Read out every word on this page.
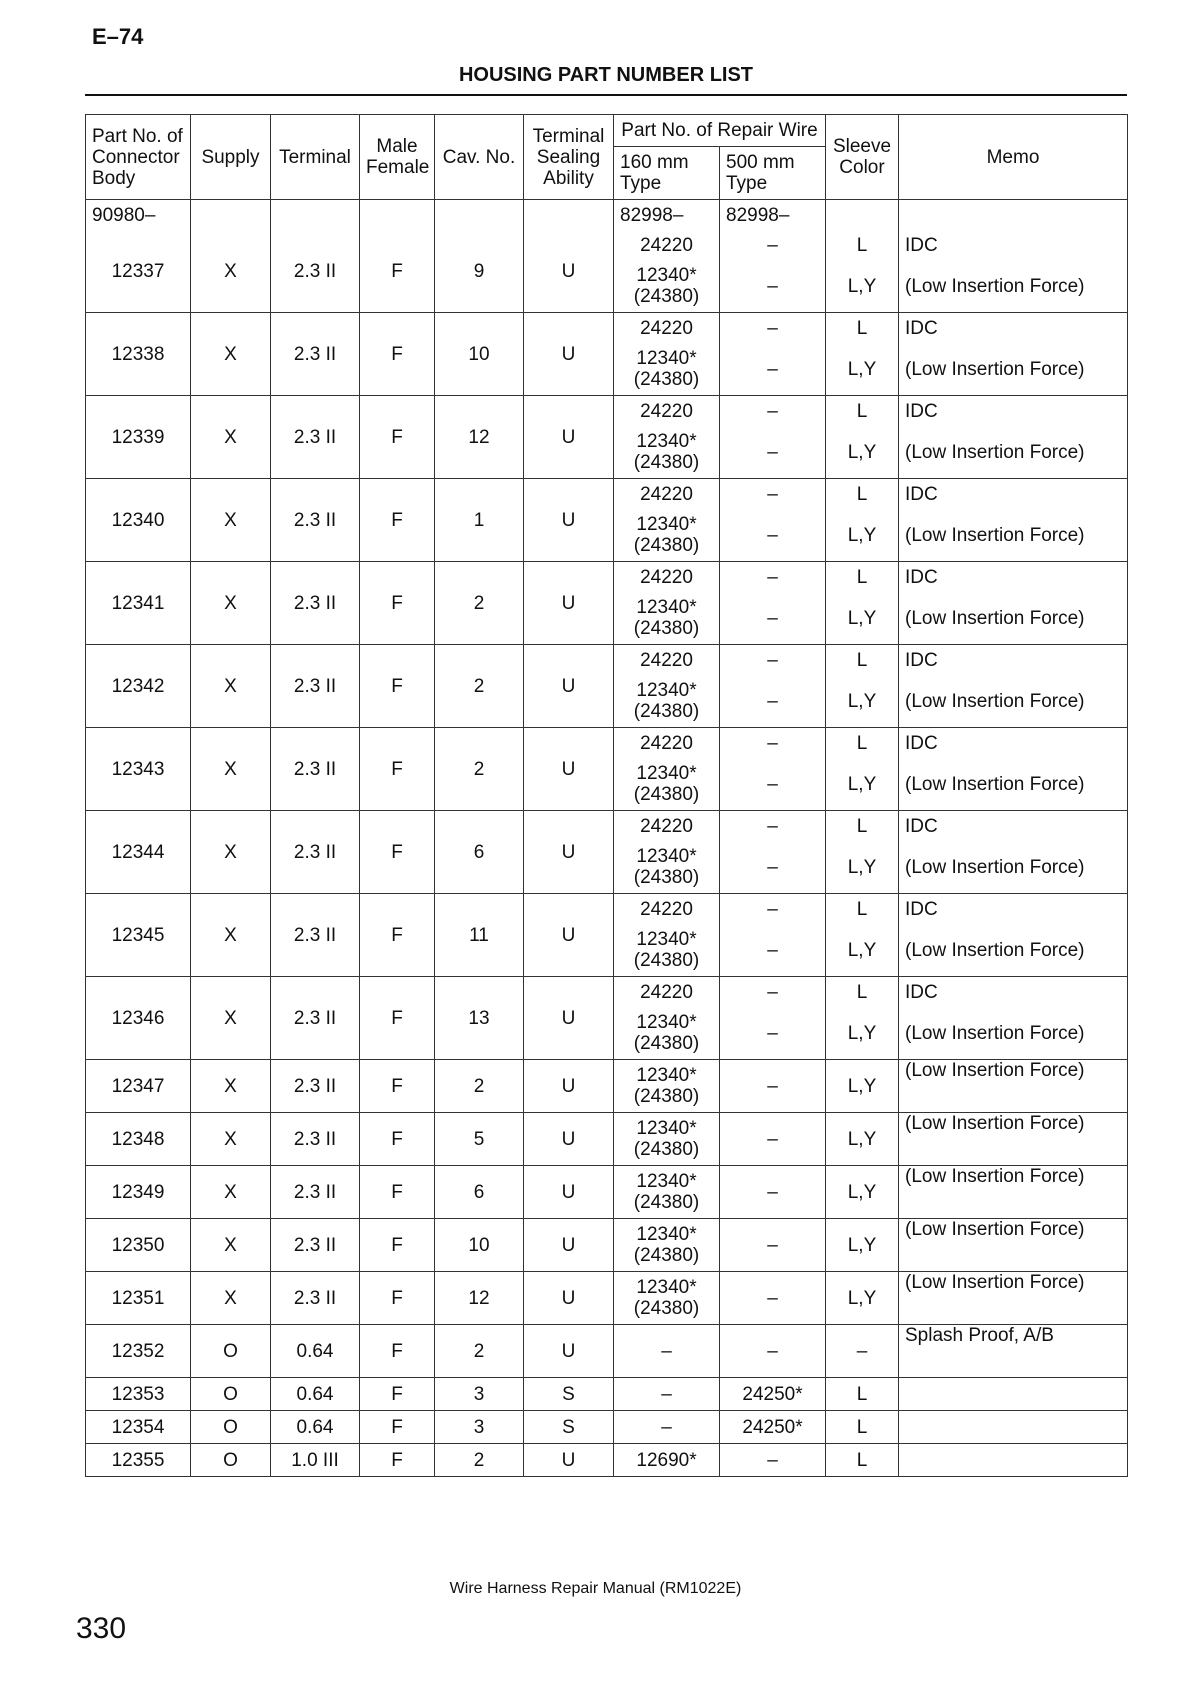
E–74
HOUSING PART NUMBER LIST
Part No. of Connector Body	Supply	Terminal	Male Female	Cav. No.	Terminal Sealing Ability	Part No. of Repair Wire		Sleeve Color	Memo
						160 mm Type	500 mm Type		
90980–						82998–	82998–		
12337	X	2.3 II	F	9	U	24220	–	L	IDC
						12340* (24380)	–	L,Y	(Low Insertion Force)
12338	X	2.3 II	F	10	U	24220	–	L	IDC
						12340* (24380)	–	L,Y	(Low Insertion Force)
12339	X	2.3 II	F	12	U	24220	–	L	IDC
						12340* (24380)	–	L,Y	(Low Insertion Force)
12340	X	2.3 II	F	1	U	24220	–	L	IDC
						12340* (24380)	–	L,Y	(Low Insertion Force)
12341	X	2.3 II	F	2	U	24220	–	L	IDC
						12340* (24380)	–	L,Y	(Low Insertion Force)
12342	X	2.3 II	F	2	U	24220	–	L	IDC
						12340* (24380)	–	L,Y	(Low Insertion Force)
12343	X	2.3 II	F	2	U	24220	–	L	IDC
						12340* (24380)	–	L,Y	(Low Insertion Force)
12344	X	2.3 II	F	6	U	24220	–	L	IDC
						12340* (24380)	–	L,Y	(Low Insertion Force)
12345	X	2.3 II	F	11	U	24220	–	L	IDC
						12340* (24380)	–	L,Y	(Low Insertion Force)
12346	X	2.3 II	F	13	U	24220	–	L	IDC
						12340* (24380)	–	L,Y	(Low Insertion Force)
12347	X	2.3 II	F	2	U	12340* (24380)	–	L,Y	(Low Insertion Force)
12348	X	2.3 II	F	5	U	12340* (24380)	–	L,Y	(Low Insertion Force)
12349	X	2.3 II	F	6	U	12340* (24380)	–	L,Y	(Low Insertion Force)
12350	X	2.3 II	F	10	U	12340* (24380)	–	L,Y	(Low Insertion Force)
12351	X	2.3 II	F	12	U	12340* (24380)	–	L,Y	(Low Insertion Force)
12352	O	0.64	F	2	U	–	–	–	Splash Proof, A/B
12353	O	0.64	F	3	S	–	24250*	L	
12354	O	0.64	F	3	S	–	24250*	L	
12355	O	1.0 III	F	2	U	12690*	–	L	
Wire Harness Repair Manual (RM1022E)
330
